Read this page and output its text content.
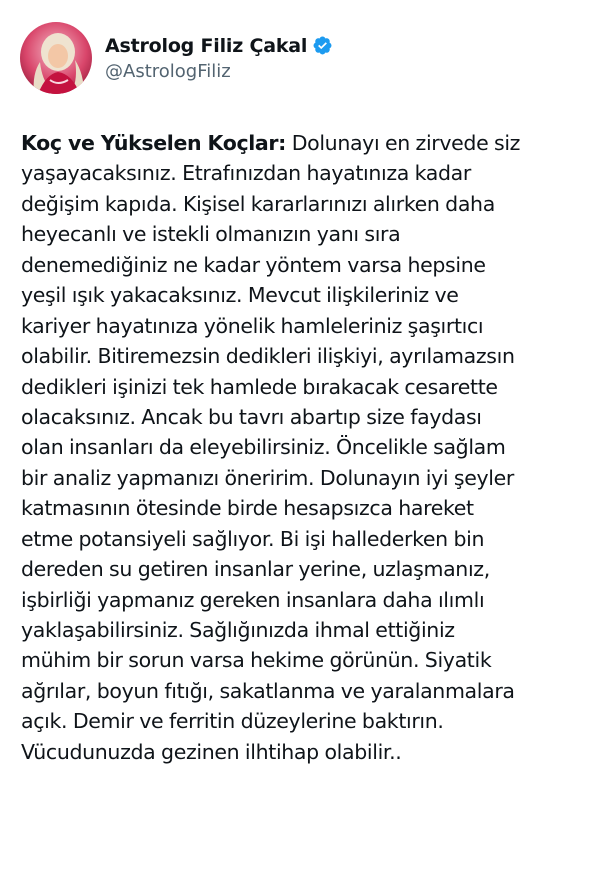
Astrolog Filiz Çakal
@AstrologFiliz
Koç ve Yükselen Koçlar: Dolunayı en zirvede siz
yaşayacaksınız. Etrafınızdan hayatınıza kadar
değişim kapıda. Kişisel kararlarınızı alırken daha
heyecanlı ve istekli olmanızın yanı sıra
denemediğiniz ne kadar yöntem varsa hepsine
yeşil ışık yakacaksınız. Mevcut ilişkileriniz ve
kariyer hayatınıza yönelik hamleleriniz şaşırtıcı
olabilir. Bitiremezsin dedikleri ilişkiyi, ayrılamazsın
dedikleri işinizi tek hamlede bırakacak cesarette
olacaksınız. Ancak bu tavrı abartıp size faydası
olan insanları da eleyebilirsiniz. Öncelikle sağlam
bir analiz yapmanızı öneririm. Dolunayın iyi şeyler
katmasının ötesinde birde hesapsızca hareket
etme potansiyeli sağlıyor. Bi işi hallederken bin
dereden su getiren insanlar yerine, uzlaşmanız,
işbirliği yapmanız gereken insanlara daha ılımlı
yaklaşabilirsiniz. Sağlığınızda ihmal ettiğiniz
mühim bir sorun varsa hekime görünün. Siyatik
ağrılar, boyun fıtığı, sakatlanma ve yaralanmalara
açık. Demir ve ferritin düzeylerine baktırın.
Vücudunuzda gezinen ilhtihap olabilir..
